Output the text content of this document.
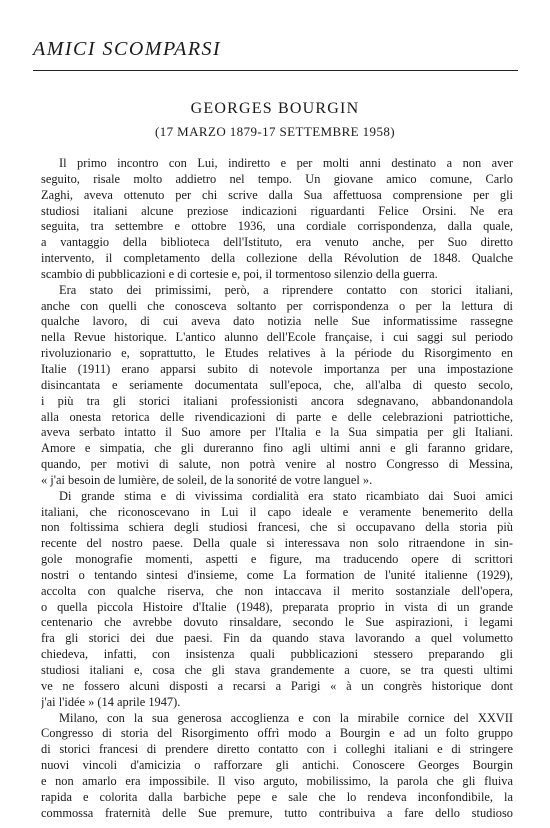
AMICI SCOMPARSI
GEORGES BOURGIN
(17 MARZO 1879-17 SETTEMBRE 1958)
Il primo incontro con Lui, indiretto e per molti anni destinato a non aver
seguito, risale molto addietro nel tempo. Un giovane amico comune, Carlo
Zaghi, aveva ottenuto per chi scrive dalla Sua affettuosa comprensione per gli
studiosi italiani alcune preziose indicazioni riguardanti Felice Orsini. Ne era
seguita, tra settembre e ottobre 1936, una cordiale corrispondenza, dalla quale,
a vantaggio della biblioteca dell'Istituto, era venuto anche, per Suo diretto
intervento, il completamento della collezione della Révolution de 1848. Qualche
scambio di pubblicazioni e di cortesie e, poi, il tormentoso silenzio della guerra.
Era stato dei primissimi, però, a riprendere contatto con storici italiani,
anche con quelli che conosceva soltanto per corrispondenza o per la lettura di
qualche lavoro, di cui aveva dato notizia nelle Sue informatissime rassegne
nella Revue historique. L'antico alunno dell'Ecole française, i cui saggi sul periodo
rivoluzionario e, soprattutto, le Etudes relatives à la période du Risorgimento en
Italie (1911) erano apparsi subito di notevole importanza per una impostazione
disincantata e seriamente documentata sull'epoca, che, all'alba di questo secolo,
i più tra gli storici italiani professionisti ancora sdegnavano, abbandonandola
alla onesta retorica delle rivendicazioni di parte e delle celebrazioni patriottiche,
aveva serbato intatto il Suo amore per l'Italia e la Sua simpatia per gli Italiani.
Amore e simpatia, che gli dureranno fino agli ultimi anni e gli faranno gridare,
quando, per motivi di salute, non potrà venire al nostro Congresso di Messina,
« j'ai besoin de lumière, de soleil, de la sonorité de votre languel ».
Di grande stima e di vivissima cordialità era stato ricambiato dai Suoi amici
italiani, che riconoscevano in Lui il capo ideale e veramente benemerito della
non foltissima schiera degli studiosi francesi, che si occupavano della storia più
recente del nostro paese. Della quale si interessava non solo ritraendone in sin-
gole monografie momenti, aspetti e figure, ma traducendo opere di scrittori
nostri o tentando sintesi d'insieme, come La formation de l'unité italienne (1929),
accolta con qualche riserva, che non intaccava il merito sostanziale dell'opera,
o quella piccola Histoire d'Italie (1948), preparata proprio in vista di un grande
centenario che avrebbe dovuto rinsaldare, secondo le Sue aspirazioni, i legami
fra gli storici dei due paesi. Fin da quando stava lavorando a quel volumetto
chiedeva, infatti, con insistenza quali pubblicazioni stessero preparando gli
studiosi italiani e, cosa che gli stava grandemente a cuore, se tra questi ultimi
ve ne fossero alcuni disposti a recarsi a Parigi « à un congrès historique dont
j'ai l'idée » (14 aprile 1947).
Milano, con la sua generosa accoglienza e con la mirabile cornice del XXVII
Congresso di storia del Risorgimento offrì modo a Bourgin e ad un folto gruppo
di storici francesi di prendere diretto contatto con i colleghi italiani e di stringere
nuovi vincoli d'amicizia o rafforzare gli antichi. Conoscere Georges Bourgin
e non amarlo era impossibile. Il viso arguto, mobilissimo, la parola che gli fluiva
rapida e colorita dalla barbiche pepe e sale che lo rendeva inconfondibile, la
commossa fraternità delle Sue premure, tutto contribuiva a fare dello studioso
